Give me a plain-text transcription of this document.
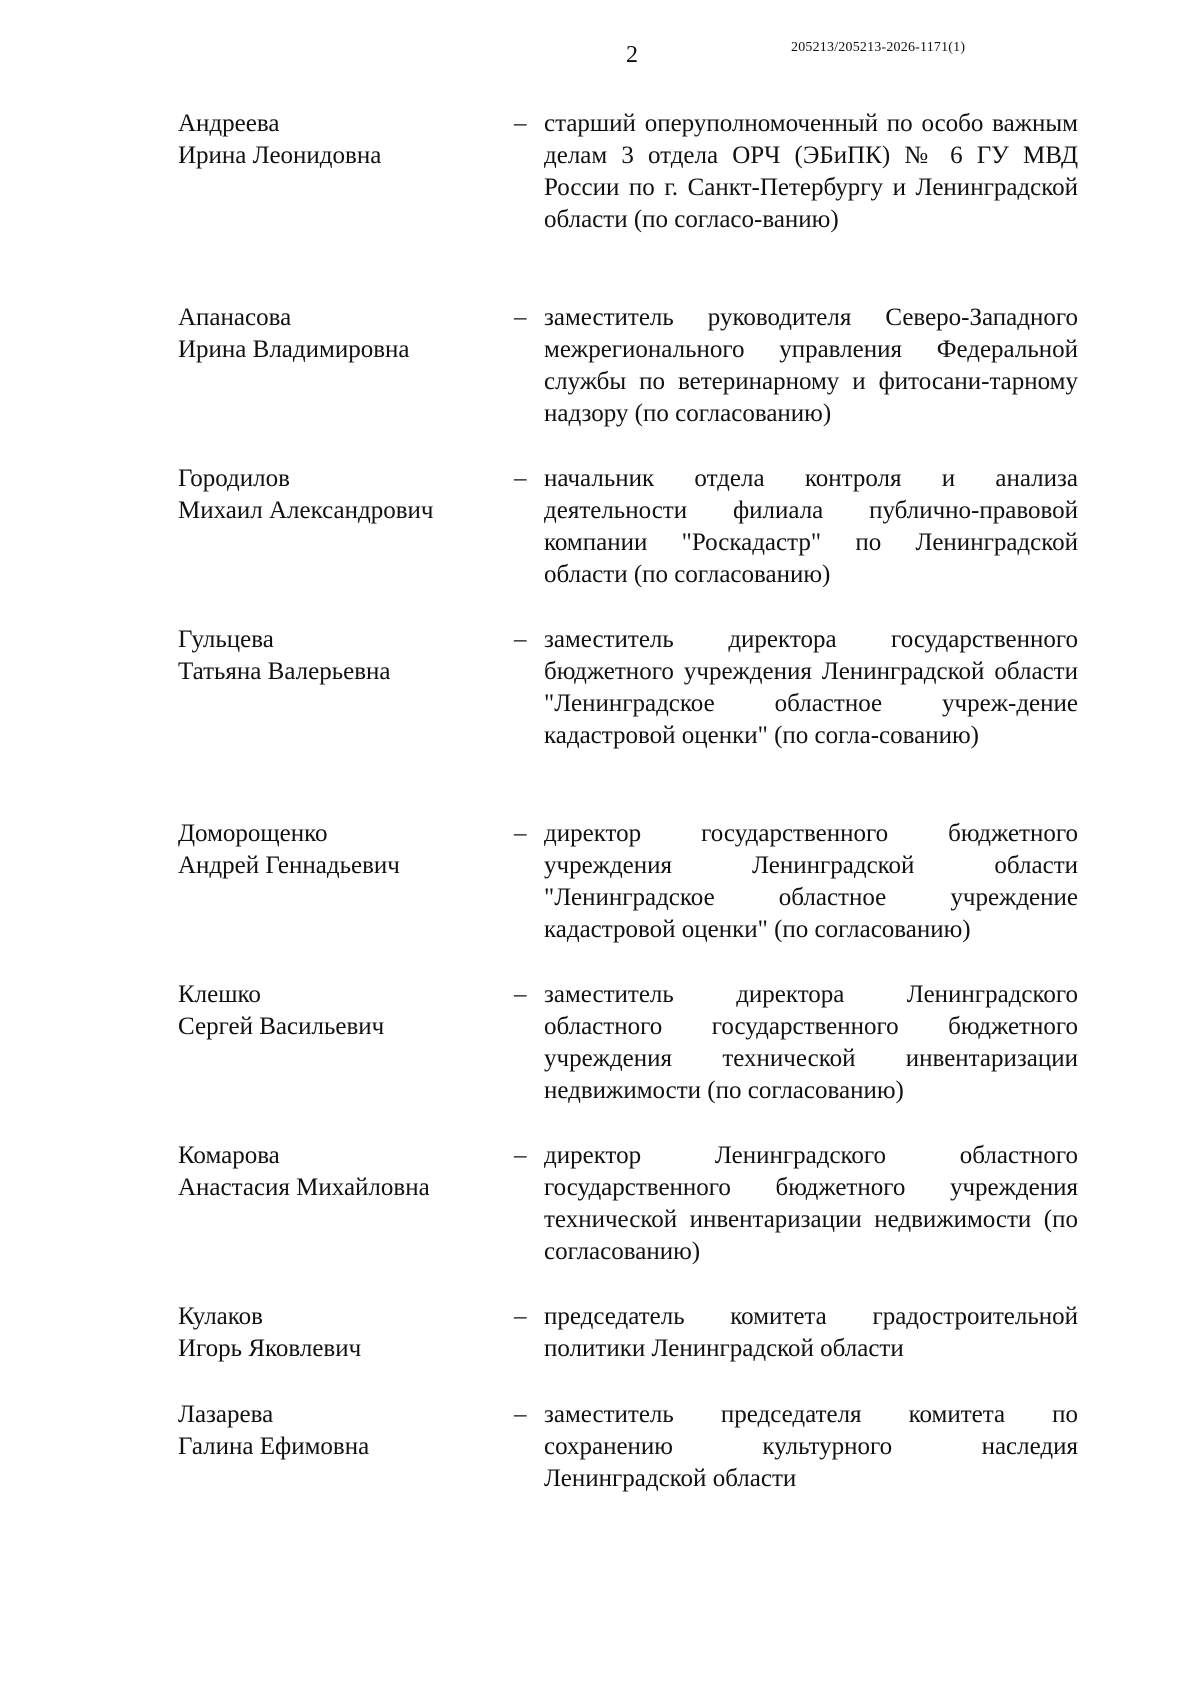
2	205213/205213-2026-1171(1)
Андреева
Ирина Леонидовна
– старший оперуполномоченный по особо важным делам 3 отдела ОРЧ (ЭБиПК) № 6 ГУ МВД России по г. Санкт-Петербургу и Ленинградской области (по согласо-ванию)
Апанасова
Ирина Владимировна
– заместитель руководителя Северо-Западного межрегионального управления Федеральной службы по ветеринарному и фитосани-тарному надзору (по согласованию)
Городилов
Михаил Александрович
– начальник отдела контроля и анализа деятельности филиала публично-правовой компании "Роскадастр" по Ленинградской области (по согласованию)
Гульцева
Татьяна Валерьевна
– заместитель директора государственного бюджетного учреждения Ленинградской области "Ленинградское областное учреж-дение кадастровой оценки" (по согла-сованию)
Доморощенко
Андрей Геннадьевич
– директор государственного бюджетного учреждения Ленинградской области "Ленинградское областное учреждение кадастровой оценки" (по согласованию)
Клешко
Сергей Васильевич
– заместитель директора Ленинградского областного государственного бюджетного учреждения технической инвентаризации недвижимости (по согласованию)
Комарова
Анастасия Михайловна
– директор Ленинградского областного государственного бюджетного учреждения технической инвентаризации недвижимости (по согласованию)
Кулаков
Игорь Яковлевич
– председатель комитета градостроительной политики Ленинградской области
Лазарева
Галина Ефимовна
– заместитель председателя комитета по сохранению культурного наследия Ленинградской области
